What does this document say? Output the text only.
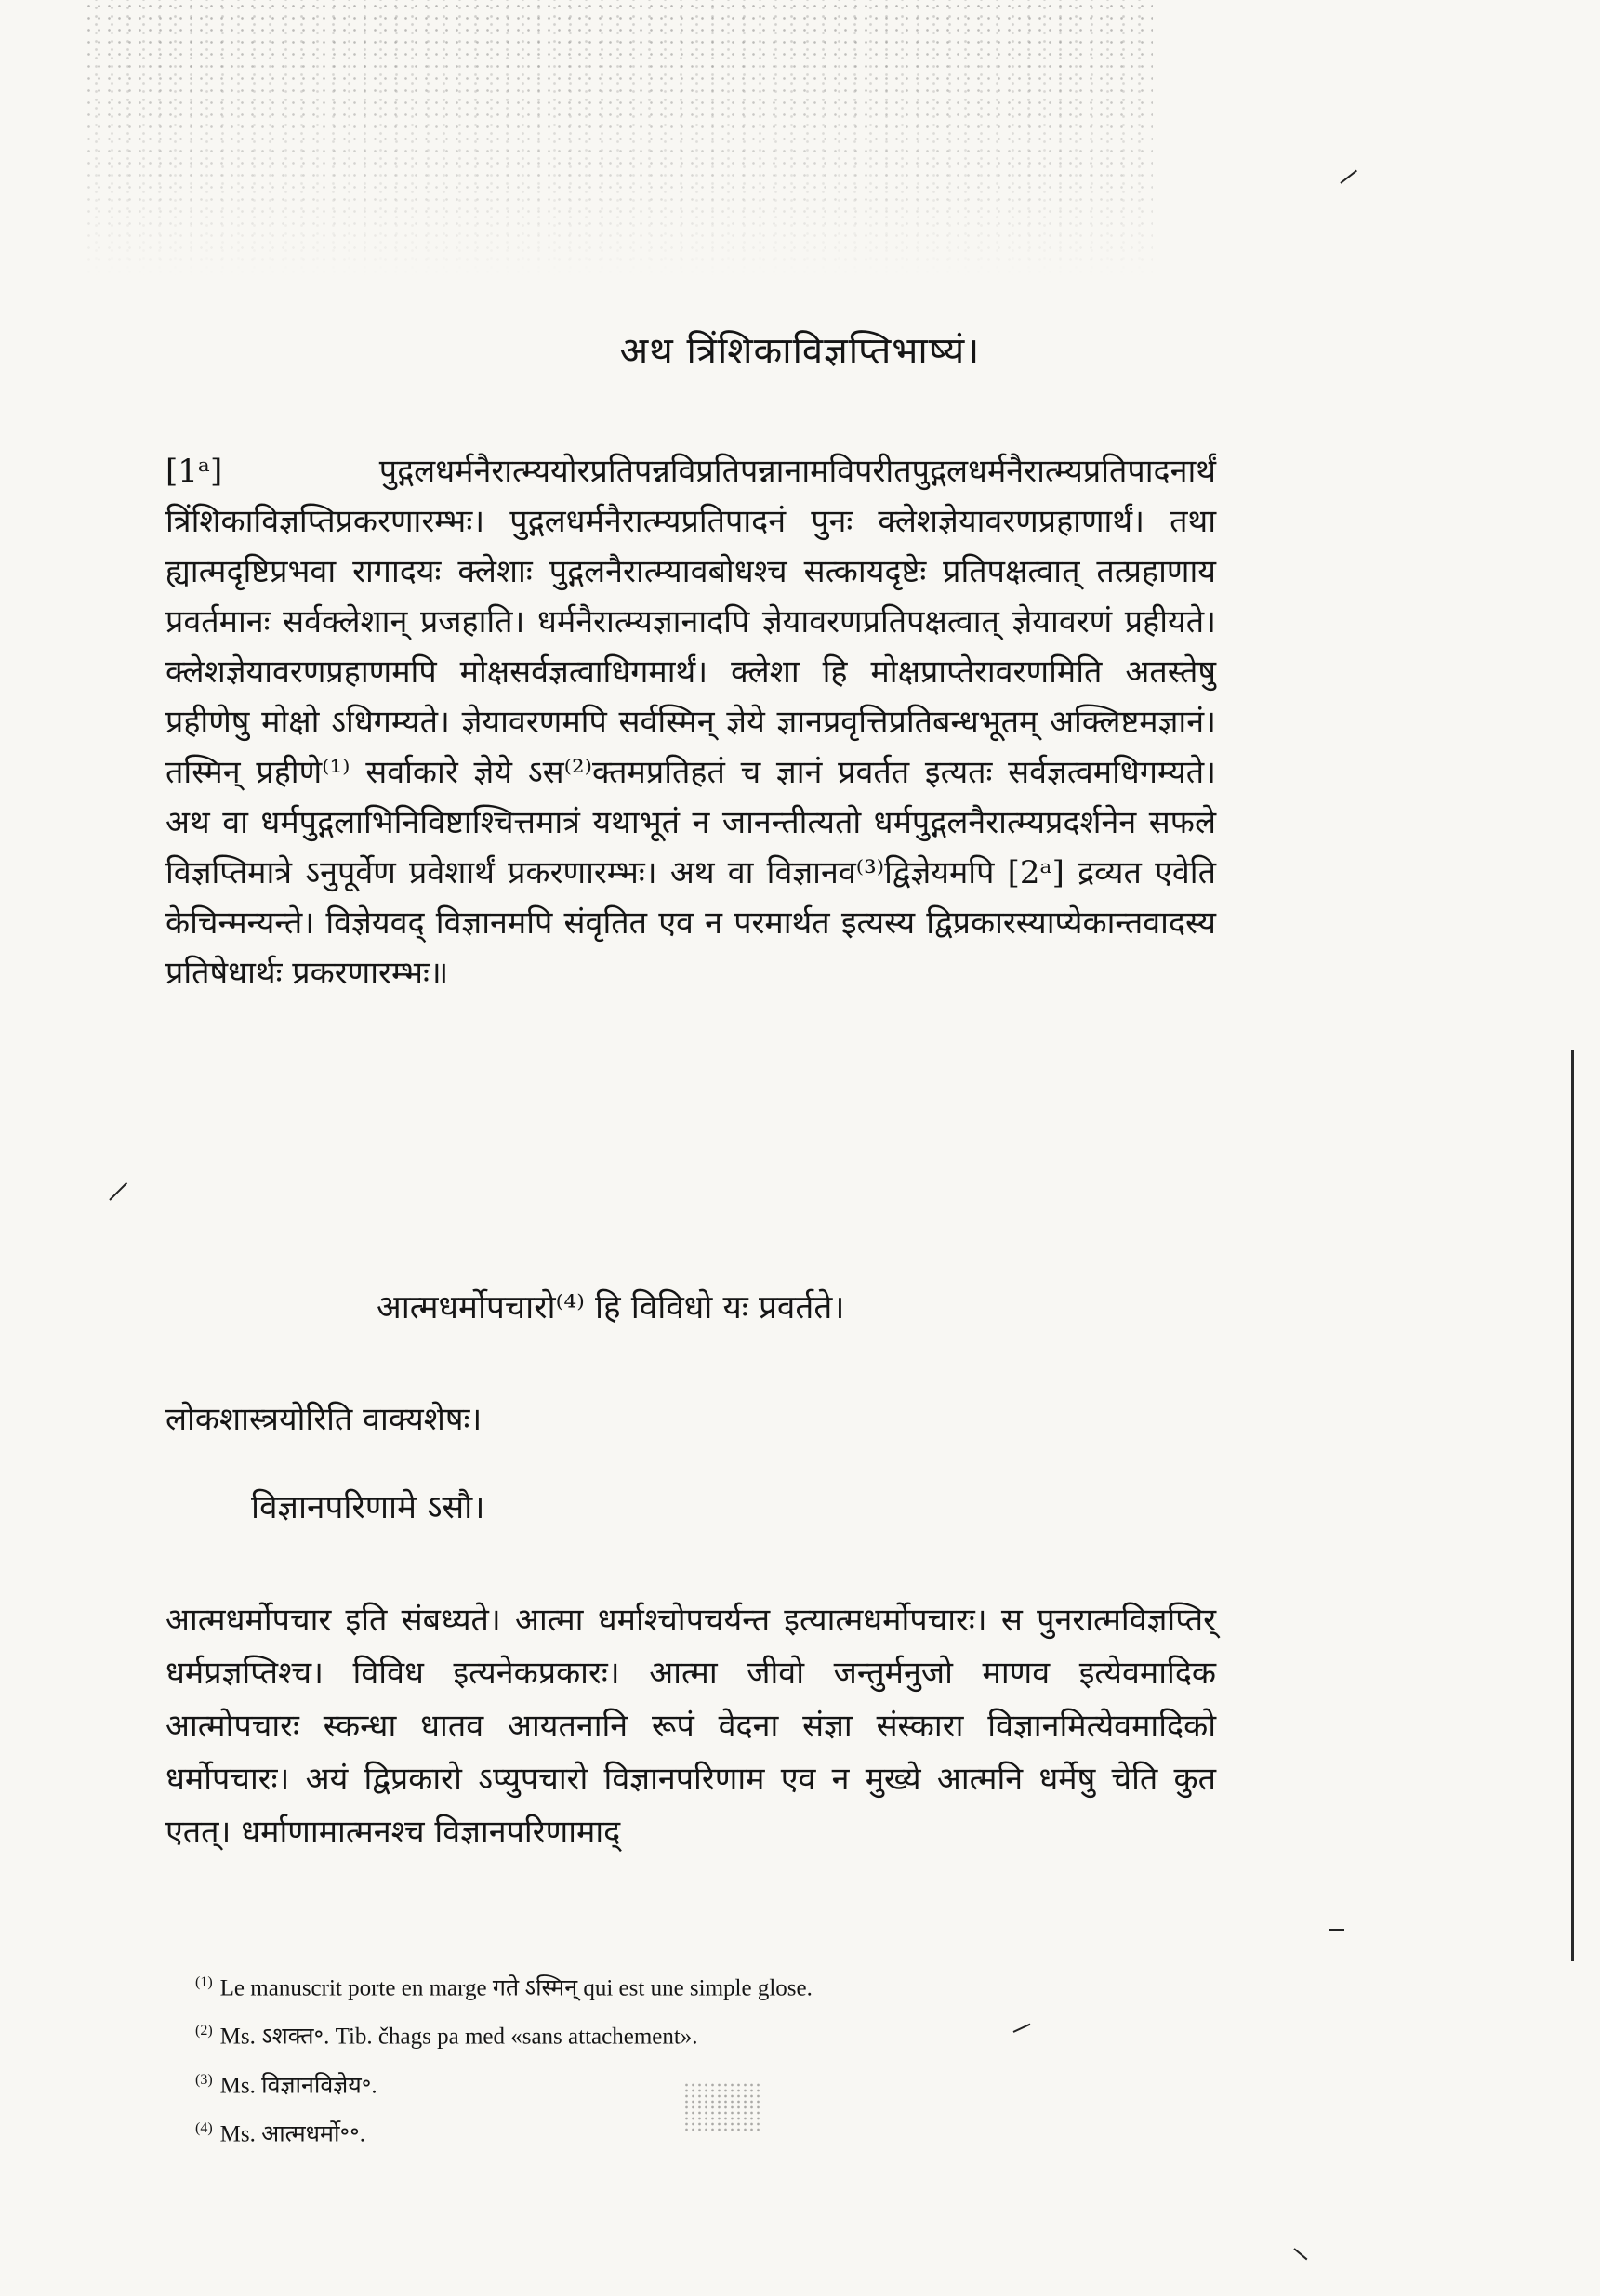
अथ त्रिंशिकाविज्ञप्तिभाष्यं।
[1ᵃ] पुद्गलधर्मनैरात्म्ययोरप्रतिपन्नविप्रतिपन्नानामविपरीतपुद्गलधर्मनैरात्म्यप्रतिपादनार्थं त्रिंशिकाविज्ञप्तिप्रकरणारम्भः। पुद्गलधर्मनैरात्म्यप्रतिपादनं पुनः क्लेशज्ञेयावरणप्रहाणार्थं। तथा ह्यात्मदृष्टिप्रभवा रागादयः क्लेशाः पुद्गलनैरात्म्यावबोधश्च सत्कायदृष्टेः प्रतिपक्षत्वात् तत्प्रहाणाय प्रवर्तमानः सर्वक्लेशान् प्रजहाति। धर्मनैरात्म्यज्ञानादपि ज्ञेयावरणप्रतिपक्षत्वात् ज्ञेयावरणं प्रहीयते। क्लेशज्ञेयावरणप्रहाणमपि मोक्षसर्वज्ञत्वाधिगमार्थं। क्लेशा हि मोक्षप्राप्तेरावरणमिति अतस्तेषु प्रहीणेषु मोक्षो ऽधिगम्यते। ज्ञेयावरणमपि सर्वस्मिन् ज्ञेये ज्ञानप्रवृत्तिप्रतिबन्धभूतम् अक्लिष्टमज्ञानं। तस्मिन् प्रहीणे⁽¹⁾ सर्वाकारे ज्ञेये ऽस⁽²⁾क्तमप्रतिहतं च ज्ञानं प्रवर्तत इत्यतः सर्वज्ञत्वमधिगम्यते। अथ वा धर्मपुद्गलाभिनिविष्टाश्चित्तमात्रं यथाभूतं न जानन्तीत्यतो धर्मपुद्गलनैरात्म्यप्रदर्शनेन सफले विज्ञप्तिमात्रे ऽनुपूर्वेण प्रवेशार्थं प्रकरणारम्भः। अथ वा विज्ञानव⁽³⁾द्विज्ञेयमपि [2ᵃ] द्रव्यत एवेति केचिन्मन्यन्ते। विज्ञेयवद् विज्ञानमपि संवृतित एव न परमार्थत इत्यस्य द्विप्रकारस्याप्येकान्तवादस्य प्रतिषेधार्थः प्रकरणारम्भः॥
आत्मधर्मोपचारो⁽⁴⁾ हि विविधो यः प्रवर्तते।
लोकशास्त्रयोरिति वाक्यशेषः।
विज्ञानपरिणामे ऽसौ।
आत्मधर्मोपचार इति संबध्यते। आत्मा धर्माश्चोपचर्यन्त इत्यात्मधर्मोपचारः। स पुनरात्मविज्ञप्तिर् धर्मप्रज्ञप्तिश्च। विविध इत्यनेकप्रकारः। आत्मा जीवो जन्तुर्मनुजो माणव इत्येवमादिक आत्मोपचारः स्कन्धा धातव आयतनानि रूपं वेदना संज्ञा संस्कारा विज्ञानमित्येवमादिको धर्मोपचारः। अयं द्विप्रकारो ऽप्युपचारो विज्ञानपरिणाम एव न मुख्ये आत्मनि धर्मेषु चेति कुत एतत्। धर्माणामात्मनश्च विज्ञानपरिणामाद्
$^{(1)}$ Le manuscrit porte en marge गते ऽस्मिन् qui est une simple glose.
$^{(2)}$ Ms. ऽशक्त॰. Tib. čhags pa med «sans attachement».
$^{(3)}$ Ms. विज्ञानविज्ञेय॰.
$^{(4)}$ Ms. आत्मधर्मो॰॰.
